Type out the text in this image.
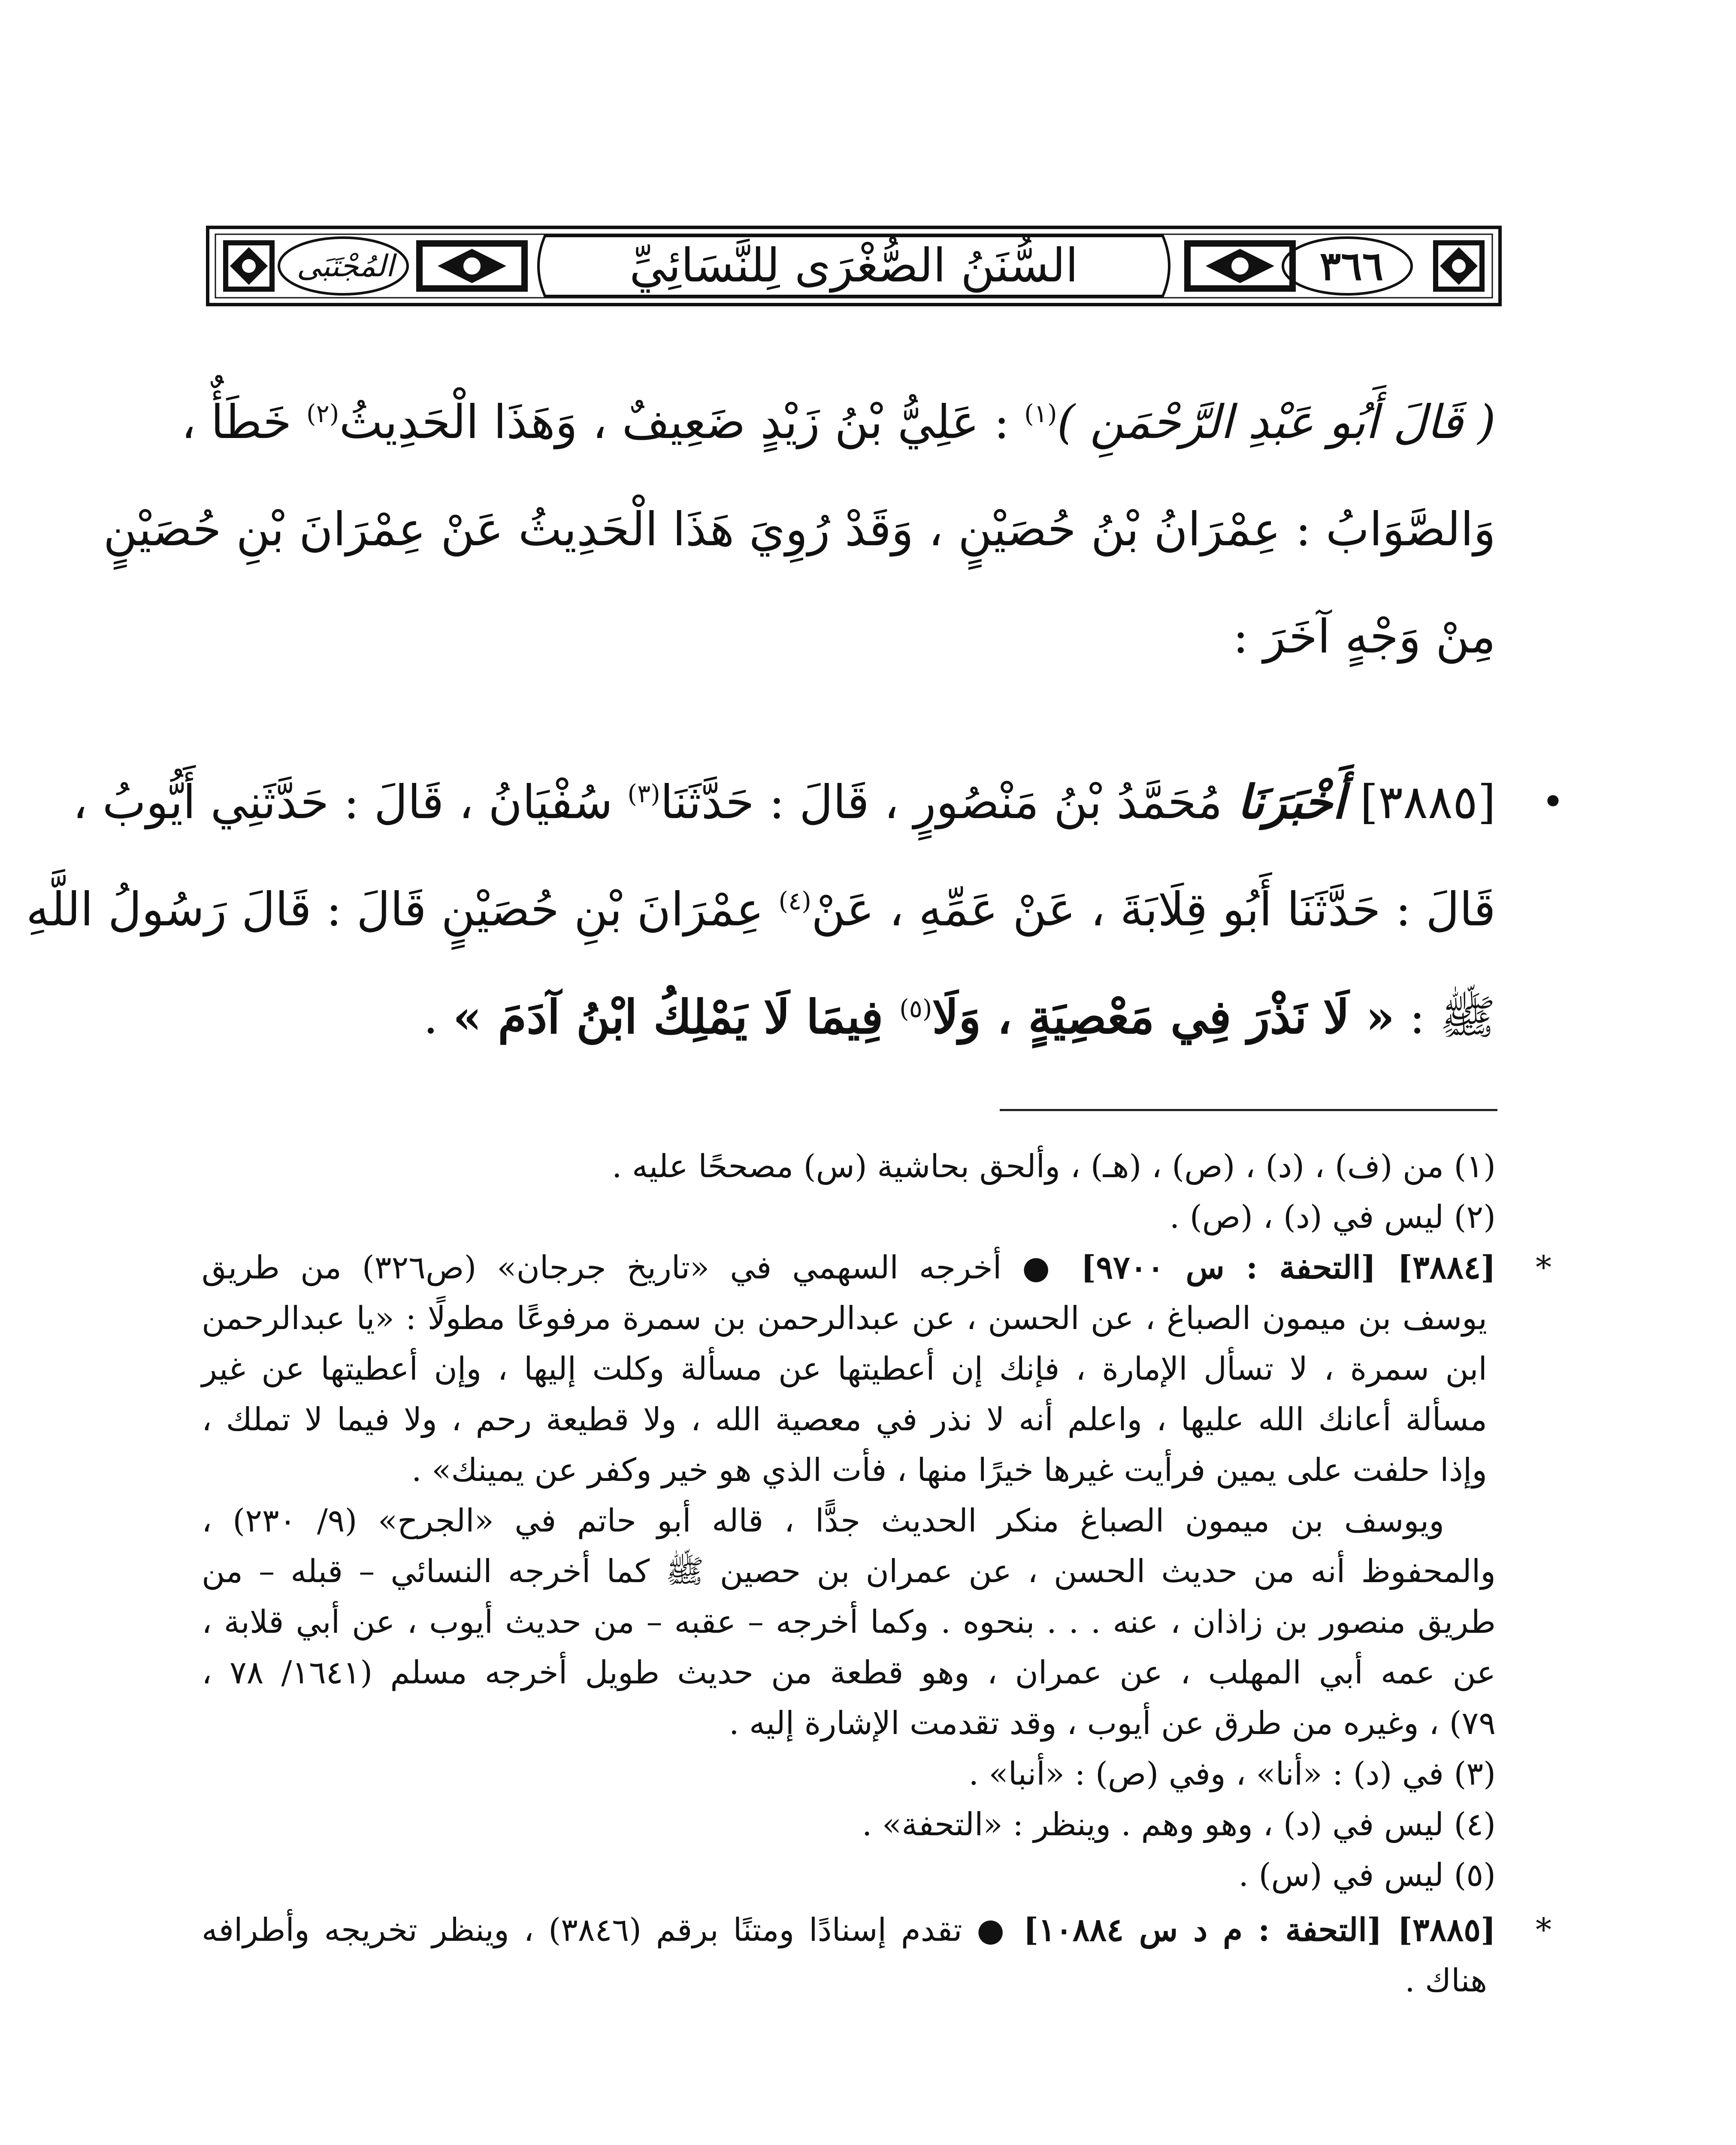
٣٦٦
السُّنَنُ الصُّغْرَى لِلنَّسَائِيِّ
المُجْتَبَى
( قَالَ أَبُو عَبْدِ الرَّحْمَنِ )$^{(١)}$ : عَلِيُّ بْنُ زَيْدٍ ضَعِيفٌ ، وَهَذَا الْحَدِيثُ$^{(٢)}$ خَطَأٌ ،
وَالصَّوَابُ : عِمْرَانُ بْنُ حُصَيْنٍ ، وَقَدْ رُوِيَ هَذَا الْحَدِيثُ عَنْ عِمْرَانَ بْنِ حُصَيْنٍ
مِنْ وَجْهٍ آخَرَ :
•
[٣٨٨٥] أَخْبَرَنَا مُحَمَّدُ بْنُ مَنْصُورٍ ، قَالَ : حَدَّثَنَا$^{(٣)}$ سُفْيَانُ ، قَالَ : حَدَّثَنِي أَيُّوبُ ،
قَالَ : حَدَّثَنَا أَبُو قِلَابَةَ ، عَنْ عَمِّهِ ، عَنْ$^{(٤)}$ عِمْرَانَ بْنِ حُصَيْنٍ قَالَ : قَالَ رَسُولُ اللَّهِ
ﷺ : « لَا نَذْرَ فِي مَعْصِيَةٍ ، وَلَا$^{(٥)}$ فِيمَا لَا يَمْلِكُ ابْنُ آدَمَ » .
(١) من (ف) ، (د) ، (ص) ، (هـ) ، وألحق بحاشية (س) مصححًا عليه .
(٢) ليس في (د) ، (ص) .
*
[٣٨٨٤] [التحفة : س ٩٧٠٠] ● أخرجه السهمي في «تاريخ جرجان» (ص٣٢٦) من طريق
يوسف بن ميمون الصباغ ، عن الحسن ، عن عبدالرحمن بن سمرة مرفوعًا مطولًا : «يا عبدالرحمن
ابن سمرة ، لا تسأل الإمارة ، فإنك إن أعطيتها عن مسألة وكلت إليها ، وإن أعطيتها عن غير
مسألة أعانك الله عليها ، واعلم أنه لا نذر في معصية الله ، ولا قطيعة رحم ، ولا فيما لا تملك ،
وإذا حلفت على يمين فرأيت غيرها خيرًا منها ، فأت الذي هو خير وكفر عن يمينك» .
ويوسف بن ميمون الصباغ منكر الحديث جدًّا ، قاله أبو حاتم في «الجرح» (٩/ ٢٣٠) ،
والمحفوظ أنه من حديث الحسن ، عن عمران بن حصين ﷺ كما أخرجه النسائي – قبله – من
طريق منصور بن زاذان ، عنه . . . بنحوه . وكما أخرجه – عقبه – من حديث أيوب ، عن أبي قلابة ،
عن عمه أبي المهلب ، عن عمران ، وهو قطعة من حديث طويل أخرجه مسلم (١٦٤١/ ٧٨ ،
٧٩) ، وغيره من طرق عن أيوب ، وقد تقدمت الإشارة إليه .
(٣) في (د) : «أنا» ، وفي (ص) : «أنبا» .
(٤) ليس في (د) ، وهو وهم . وينظر : «التحفة» .
(٥) ليس في (س) .
*
[٣٨٨٥] [التحفة : م د س ١٠٨٨٤] ● تقدم إسنادًا ومتنًا برقم (٣٨٤٦) ، وينظر تخريجه وأطرافه
هناك .
